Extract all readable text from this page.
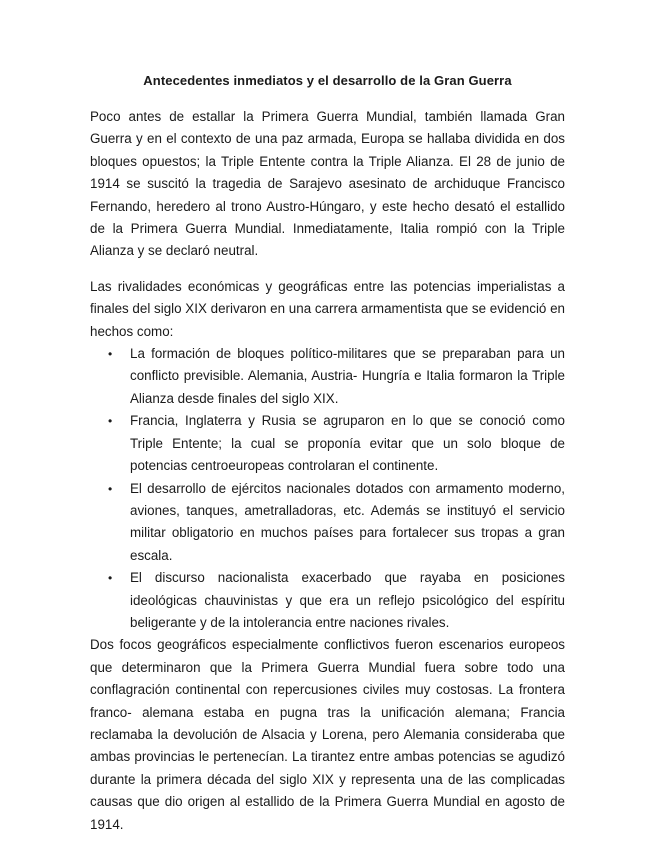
Antecedentes inmediatos y el desarrollo de la Gran Guerra

Poco antes de estallar la Primera Guerra Mundial, también llamada Gran Guerra y en el contexto de una paz armada, Europa se hallaba dividida en dos bloques opuestos; la Triple Entente contra la Triple Alianza. El 28 de junio de 1914 se suscitó la tragedia de Sarajevo asesinato de archiduque Francisco Fernando, heredero al trono Austro-Húngaro, y este hecho desató el estallido de la Primera Guerra Mundial. Inmediatamente, Italia rompió con la Triple Alianza y se declaró neutral.

Las rivalidades económicas y geográficas entre las potencias imperialistas a finales del siglo XIX derivaron en una carrera armamentista que se evidenció en hechos como:

• La formación de bloques político-militares que se preparaban para un conflicto previsible. Alemania, Austria- Hungría e Italia formaron la Triple Alianza desde finales del siglo XIX.
• Francia, Inglaterra y Rusia se agruparon en lo que se conoció como Triple Entente; la cual se proponía evitar que un solo bloque de potencias centroeuropeas controlaran el continente.
• El desarrollo de ejércitos nacionales dotados con armamento moderno, aviones, tanques, ametralladoras, etc. Además se instituyó el servicio militar obligatorio en muchos países para fortalecer sus tropas a gran escala.
• El discurso nacionalista exacerbado que rayaba en posiciones ideológicas chauvinistas y que era un reflejo psicológico del espíritu beligerante y de la intolerancia entre naciones rivales.

Dos focos geográficos especialmente conflictivos fueron escenarios europeos que determinaron que la Primera Guerra Mundial fuera sobre todo una conflagración continental con repercusiones civiles muy costosas. La frontera franco- alemana estaba en pugna tras la unificación alemana; Francia reclamaba la devolución de Alsacia y Lorena, pero Alemania consideraba que ambas provincias le pertenecían. La tirantez entre ambas potencias se agudizó durante la primera década del siglo XIX y representa una de las complicadas causas que dio origen al estallido de la Primera Guerra Mundial en agosto de 1914.
